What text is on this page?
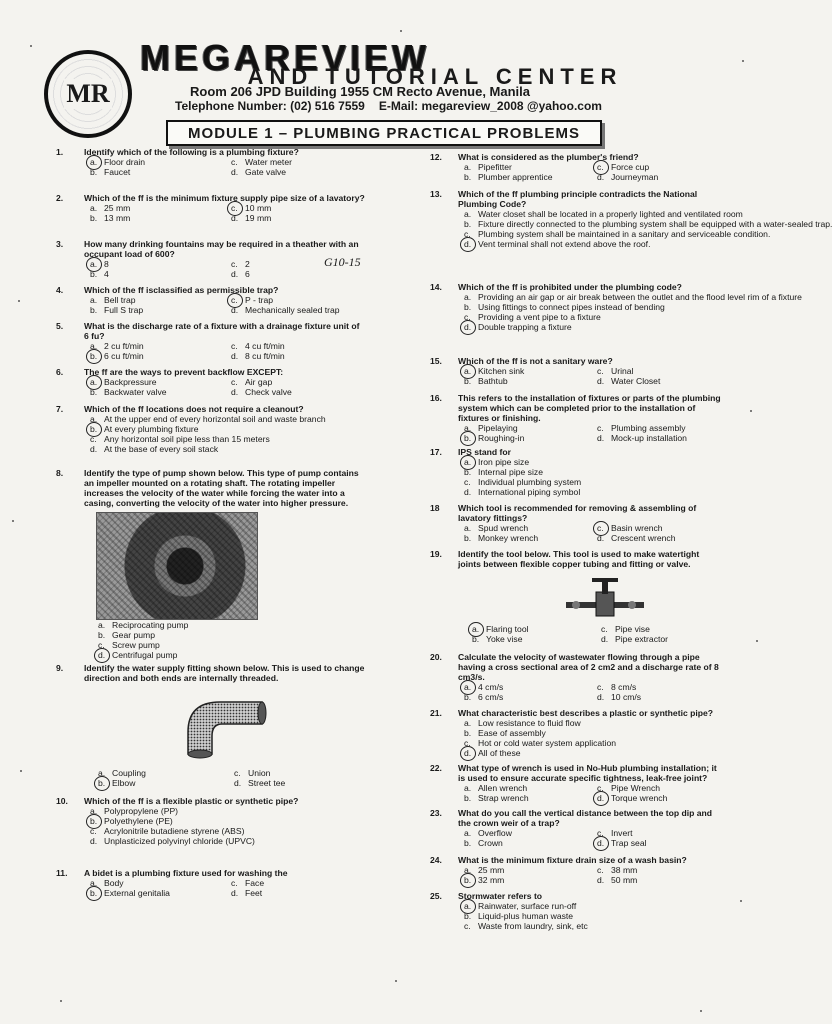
MR
MEGAREVIEW
AND TUTORIAL CENTER
Room 206 JPD Building 1955 CM Recto Avenue, Manila
Telephone Number: (02) 516 7559 E-Mail: megareview_2008 @yahoo.com
MODULE 1 – PLUMBING PRACTICAL PROBLEMS
G10-15
1. Identify which of the following is a plumbing fixture?
a. Floor drain	c. Water meter
b. Faucet	d. Gate valve
2. Which of the ff is the minimum fixture supply pipe size of a lavatory?
a. 25 mm	c. 10 mm
b. 13 mm	d. 19 mm
3. How many drinking fountains may be required in a theather with an occupant load of 600?
a. 8	c. 2
b. 4	d. 6
4. Which of the ff isclassified as permissible trap?
a. Bell trap	c. P - trap
b. Full S trap	d. Mechanically sealed trap
5. What is the discharge rate of a fixture with a drainage fixture unit of 6 fu?
a. 2 cu ft/min	c. 4 cu ft/min
b. 6 cu ft/min	d. 8 cu ft/min
6. The ff are the ways to prevent backflow EXCEPT:
a. Backpressure	c. Air gap
b. Backwater valve	d. Check valve
7. Which of the ff locations does not require a cleanout?
a. At the upper end of every horizontal soil and waste branch
b. At every plumbing fixture
c. Any horizontal soil pipe less than 15 meters
d. At the base of every soil stack
8. Identify the type of pump shown below. This type of pump contains an impeller mounted on a rotating shaft. The rotating impeller increases the velocity of the water while forcing the water into a casing, converting the velocity of the water into higher pressure.
a. Reciprocating pump
b. Gear pump
c. Screw pump
d. Centrifugal pump
9. Identify the water supply fitting shown below. This is used to change direction and both ends are internally threaded.
a. Coupling	c. Union
b. Elbow	d. Street tee
10. Which of the ff is a flexible plastic or synthetic pipe?
a. Polypropylene (PP)
b. Polyethylene (PE)
c. Acrylonitrile butadiene styrene (ABS)
d. Unplasticized polyvinyl chloride (UPVC)
11. A bidet is a plumbing fixture used for washing the
a. Body	c. Face
b. External genitalia	d. Feet
12. What is considered as the plumber's friend?
a. Pipefitter	c. Force cup
b. Plumber apprentice	d. Journeyman
13. Which of the ff plumbing principle contradicts the National Plumbing Code?
a. Water closet shall be located in a properly lighted and ventilated room
b. Fixture directly connected to the plumbing system shall be equipped with a water-sealed trap.
c. Plumbing system shall be maintained in a sanitary and serviceable condition.
d. Vent terminal shall not extend above the roof.
14. Which of the ff is prohibited under the plumbing code?
a. Providing an air gap or air break between the outlet and the flood level rim of a fixture
b. Using fittings to connect pipes instead of bending
c. Providing a vent pipe to a fixture
d. Double trapping a fixture
15. Which of the ff is not a sanitary ware?
a. Kitchen sink	c. Urinal
b. Bathtub	d. Water Closet
16. This refers to the installation of fixtures or parts of the plumbing system which can be completed prior to the installation of fixtures or finishing.
a. Pipelaying	c. Plumbing assembly
b. Roughing-in	d. Mock-up installation
17. IPS stand for
a. Iron pipe size
b. Internal pipe size
c. Individual plumbing system
d. International piping symbol
18 Which tool is recommended for removing & assembling of lavatory fittings?
a. Spud wrench	c. Basin wrench
b. Monkey wrench	d. Crescent wrench
19. Identify the tool below. This tool is used to make watertight joints between flexible copper tubing and fitting or valve.
a. Flaring tool	c. Pipe vise
b. Yoke vise	d. Pipe extractor
20. Calculate the velocity of wastewater flowing through a pipe having a cross sectional area of 2 cm2 and a discharge rate of 8 cm3/s.
a. 4 cm/s	c. 8 cm/s
b. 6 cm/s	d. 10 cm/s
21. What characteristic best describes a plastic or synthetic pipe?
a. Low resistance to fluid flow
b. Ease of assembly
c. Hot or cold water system application
d. All of these
22. What type of wrench is used in No-Hub plumbing installation; it is used to ensure accurate specific tightness, leak-free joint?
a. Allen wrench	c. Pipe Wrench
b. Strap wrench	d. Torque wrench
23. What do you call the vertical distance between the top dip and the crown weir of a trap?
a. Overflow	c. Invert
b. Crown	d. Trap seal
24. What is the minimum fixture drain size of a wash basin?
a. 25 mm	c. 38 mm
b. 32 mm	d. 50 mm
25. Stormwater refers to
a. Rainwater, surface run-off
b. Liquid-plus human waste
c. Waste from laundry, sink, etc
